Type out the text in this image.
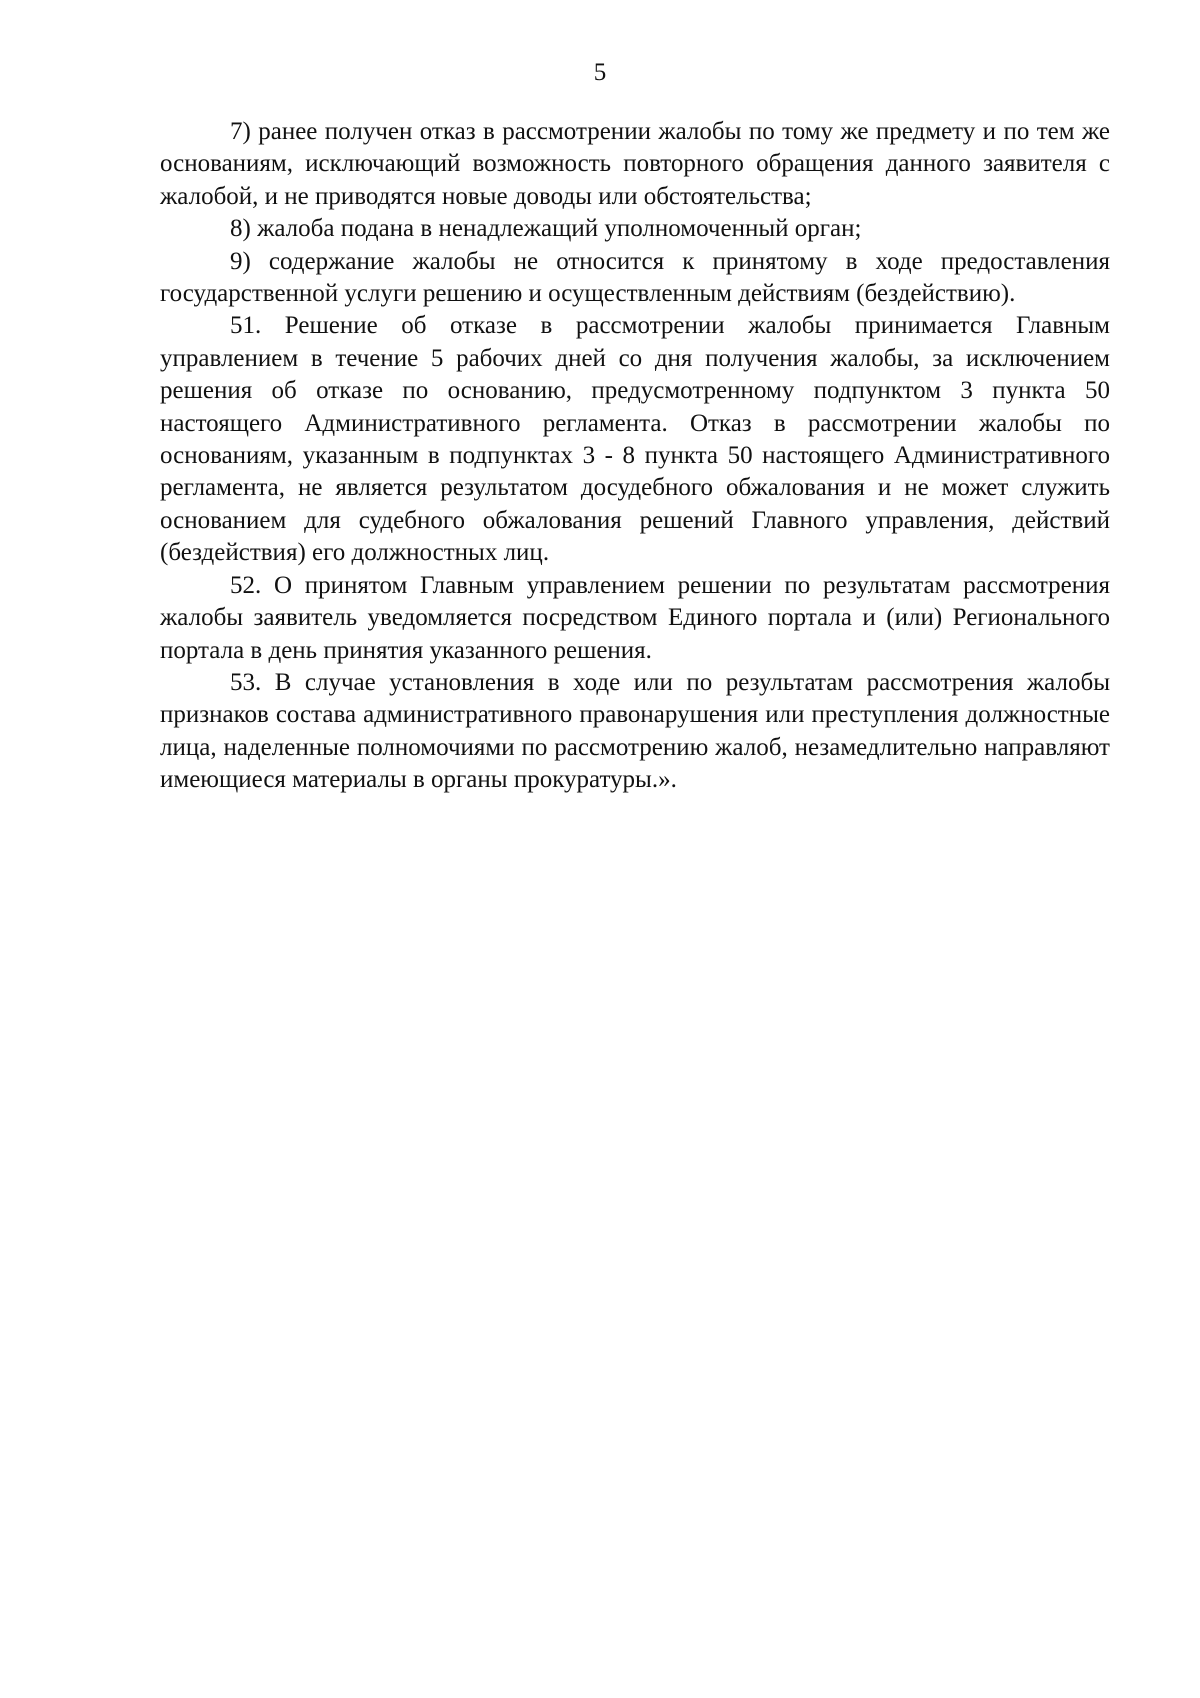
5

7) ранее получен отказ в рассмотрении жалобы по тому же предмету и по тем же основаниям, исключающий возможность повторного обращения данного заявителя с жалобой, и не приводятся новые доводы или обстоятельства;

8) жалоба подана в ненадлежащий уполномоченный орган;

9) содержание жалобы не относится к принятому в ходе предоставления государственной услуги решению и осуществленным действиям (бездействию).

51. Решение об отказе в рассмотрении жалобы принимается Главным управлением в течение 5 рабочих дней со дня получения жалобы, за исключением решения об отказе по основанию, предусмотренному подпунктом 3 пункта 50 настоящего Административного регламента. Отказ в рассмотрении жалобы по основаниям, указанным в подпунктах 3 - 8 пункта 50 настоящего Административного регламента, не является результатом досудебного обжалования и не может служить основанием для судебного обжалования решений Главного управления, действий (бездействия) его должностных лиц.

52. О принятом Главным управлением решении по результатам рассмотрения жалобы заявитель уведомляется посредством Единого портала и (или) Регионального портала в день принятия указанного решения.

53. В случае установления в ходе или по результатам рассмотрения жалобы признаков состава административного правонарушения или преступления должностные лица, наделенные полномочиями по рассмотрению жалоб, незамедлительно направляют имеющиеся материалы в органы прокуратуры.».
